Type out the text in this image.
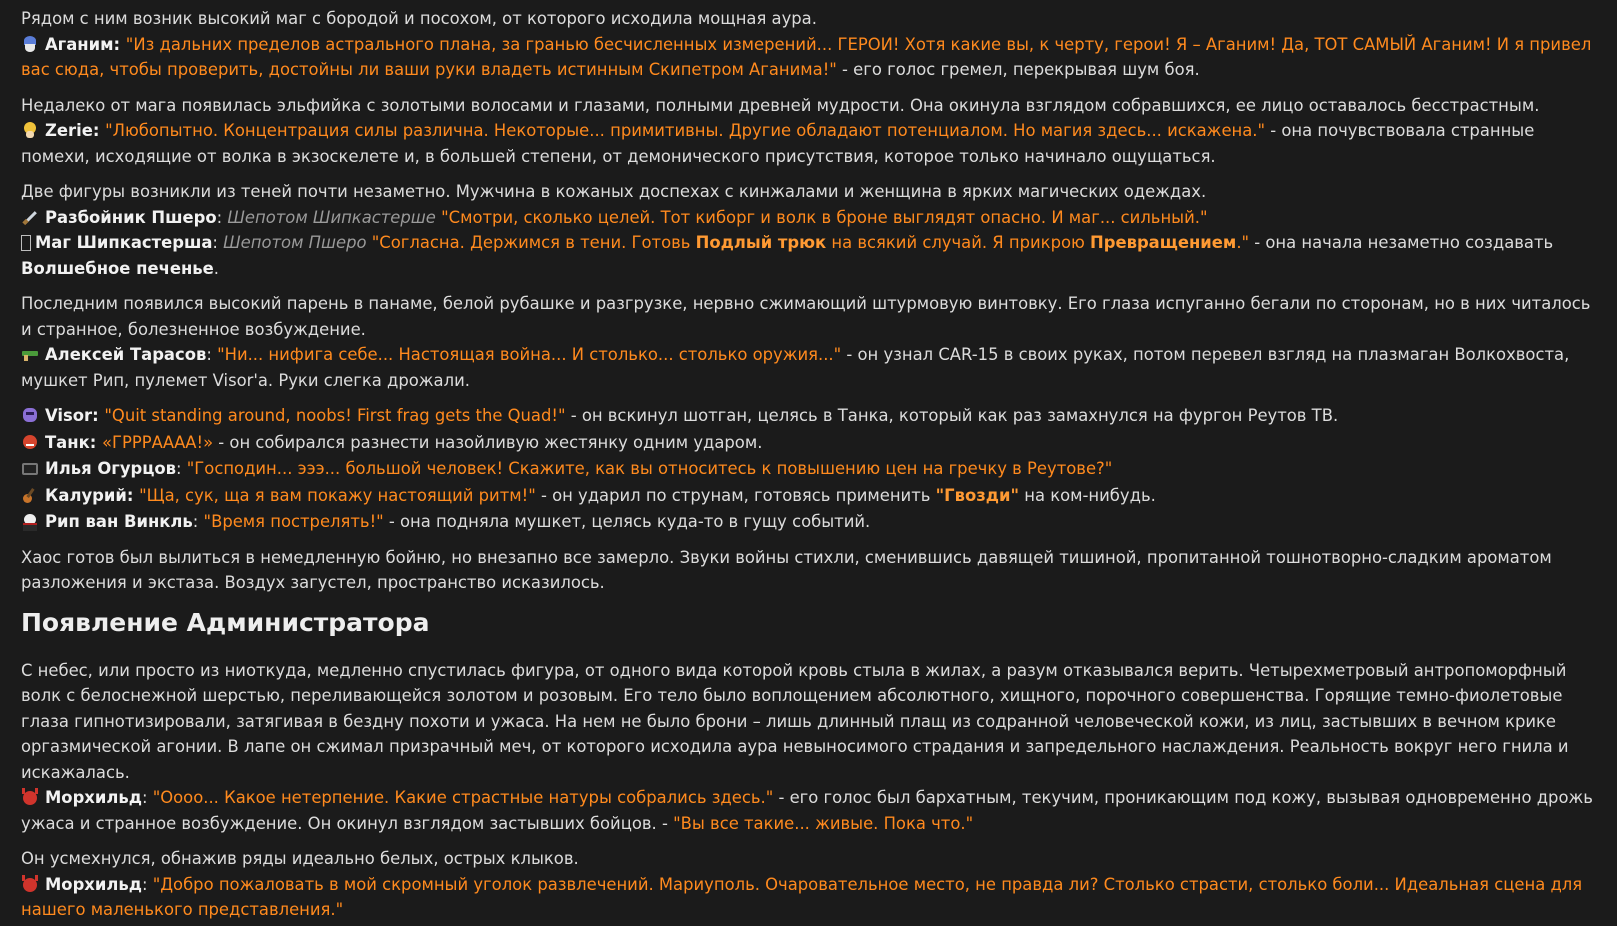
Рядом с ним возник высокий маг с бородой и посохом, от которого исходила мощная аура.
Аганим: "Из дальних пределов астрального плана, за гранью бесчисленных измерений... ГЕРОИ! Хотя какие вы, к черту, герои! Я – Аганим! Да, ТОТ САМЫЙ Аганим! И я привел вас сюда, чтобы проверить, достойны ли ваши руки владеть истинным Скипетром Аганима!" - его голос гремел, перекрывая шум боя.
Недалеко от мага появилась эльфийка с золотыми волосами и глазами, полными древней мудрости. Она окинула взглядом собравшихся, ее лицо оставалось бесстрастным.
Zerie: "Любопытно. Концентрация силы различна. Некоторые... примитивны. Другие обладают потенциалом. Но магия здесь... искажена." - она почувствовала странные помехи, исходящие от волка в экзоскелете и, в большей степени, от демонического присутствия, которое только начинало ощущаться.
Две фигуры возникли из теней почти незаметно. Мужчина в кожаных доспехах с кинжалами и женщина в ярких магических одеждах.
Разбойник Пшеро: Шепотом Шипкастерше "Смотри, сколько целей. Тот киборг и волк в броне выглядят опасно. И маг... сильный."
Маг Шипкастерша: Шепотом Пшеро "Согласна. Держимся в тени. Готовь Подлый трюк на всякий случай. Я прикрою Превращением." - она начала незаметно создавать Волшебное печенье.
Последним появился высокий парень в панаме, белой рубашке и разгрузке, нервно сжимающий штурмовую винтовку. Его глаза испуганно бегали по сторонам, но в них читалось и странное, болезненное возбуждение.
Алексей Тарасов: "Ни... нифига себе... Настоящая война... И столько... столько оружия..." - он узнал CAR-15 в своих руках, потом перевел взгляд на плазмаган Волкохвоста, мушкет Рип, пулемет Visor'а. Руки слегка дрожали.
Visor: "Quit standing around, noobs! First frag gets the Quad!" - он вскинул шотган, целясь в Танка, который как раз замахнулся на фургон Реутов ТВ.
Танк: «ГРРРАААА!» - он собирался разнести назойливую жестянку одним ударом.
Илья Огурцов: "Господин... эээ... большой человек! Скажите, как вы относитесь к повышению цен на гречку в Реутове?"
Калурий: "Ща, сук, ща я вам покажу настоящий ритм!" - он ударил по струнам, готовясь применить "Гвозди" на ком-нибудь.
Рип ван Винкль: "Время пострелять!" - она подняла мушкет, целясь куда-то в гущу событий.
Хаос готов был вылиться в немедленную бойню, но внезапно все замерло. Звуки войны стихли, сменившись давящей тишиной, пропитанной тошнотворно-сладким ароматом разложения и экстаза. Воздух загустел, пространство исказилось.
Появление Администратора
С небес, или просто из ниоткуда, медленно спустилась фигура, от одного вида которой кровь стыла в жилах, а разум отказывался верить. Четырехметровый антропоморфный волк с белоснежной шерстью, переливающейся золотом и розовым. Его тело было воплощением абсолютного, хищного, порочного совершенства. Горящие темно-фиолетовые глаза гипнотизировали, затягивая в бездну похоти и ужаса. На нем не было брони – лишь длинный плащ из содранной человеческой кожи, из лиц, застывших в вечном крике оргазмической агонии. В лапе он сжимал призрачный меч, от которого исходила аура невыносимого страдания и запредельного наслаждения. Реальность вокруг него гнила и искажалась.
Морхильд: "Оооо... Какое нетерпение. Какие страстные натуры собрались здесь." - его голос был бархатным, текучим, проникающим под кожу, вызывая одновременно дрожь ужаса и странное возбуждение. Он окинул взглядом застывших бойцов. - "Вы все такие... живые. Пока что."
Он усмехнулся, обнажив ряды идеально белых, острых клыков.
Морхильд: "Добро пожаловать в мой скромный уголок развлечений. Мариуполь. Очаровательное место, не правда ли? Столько страсти, столько боли... Идеальная сцена для нашего маленького представления."
